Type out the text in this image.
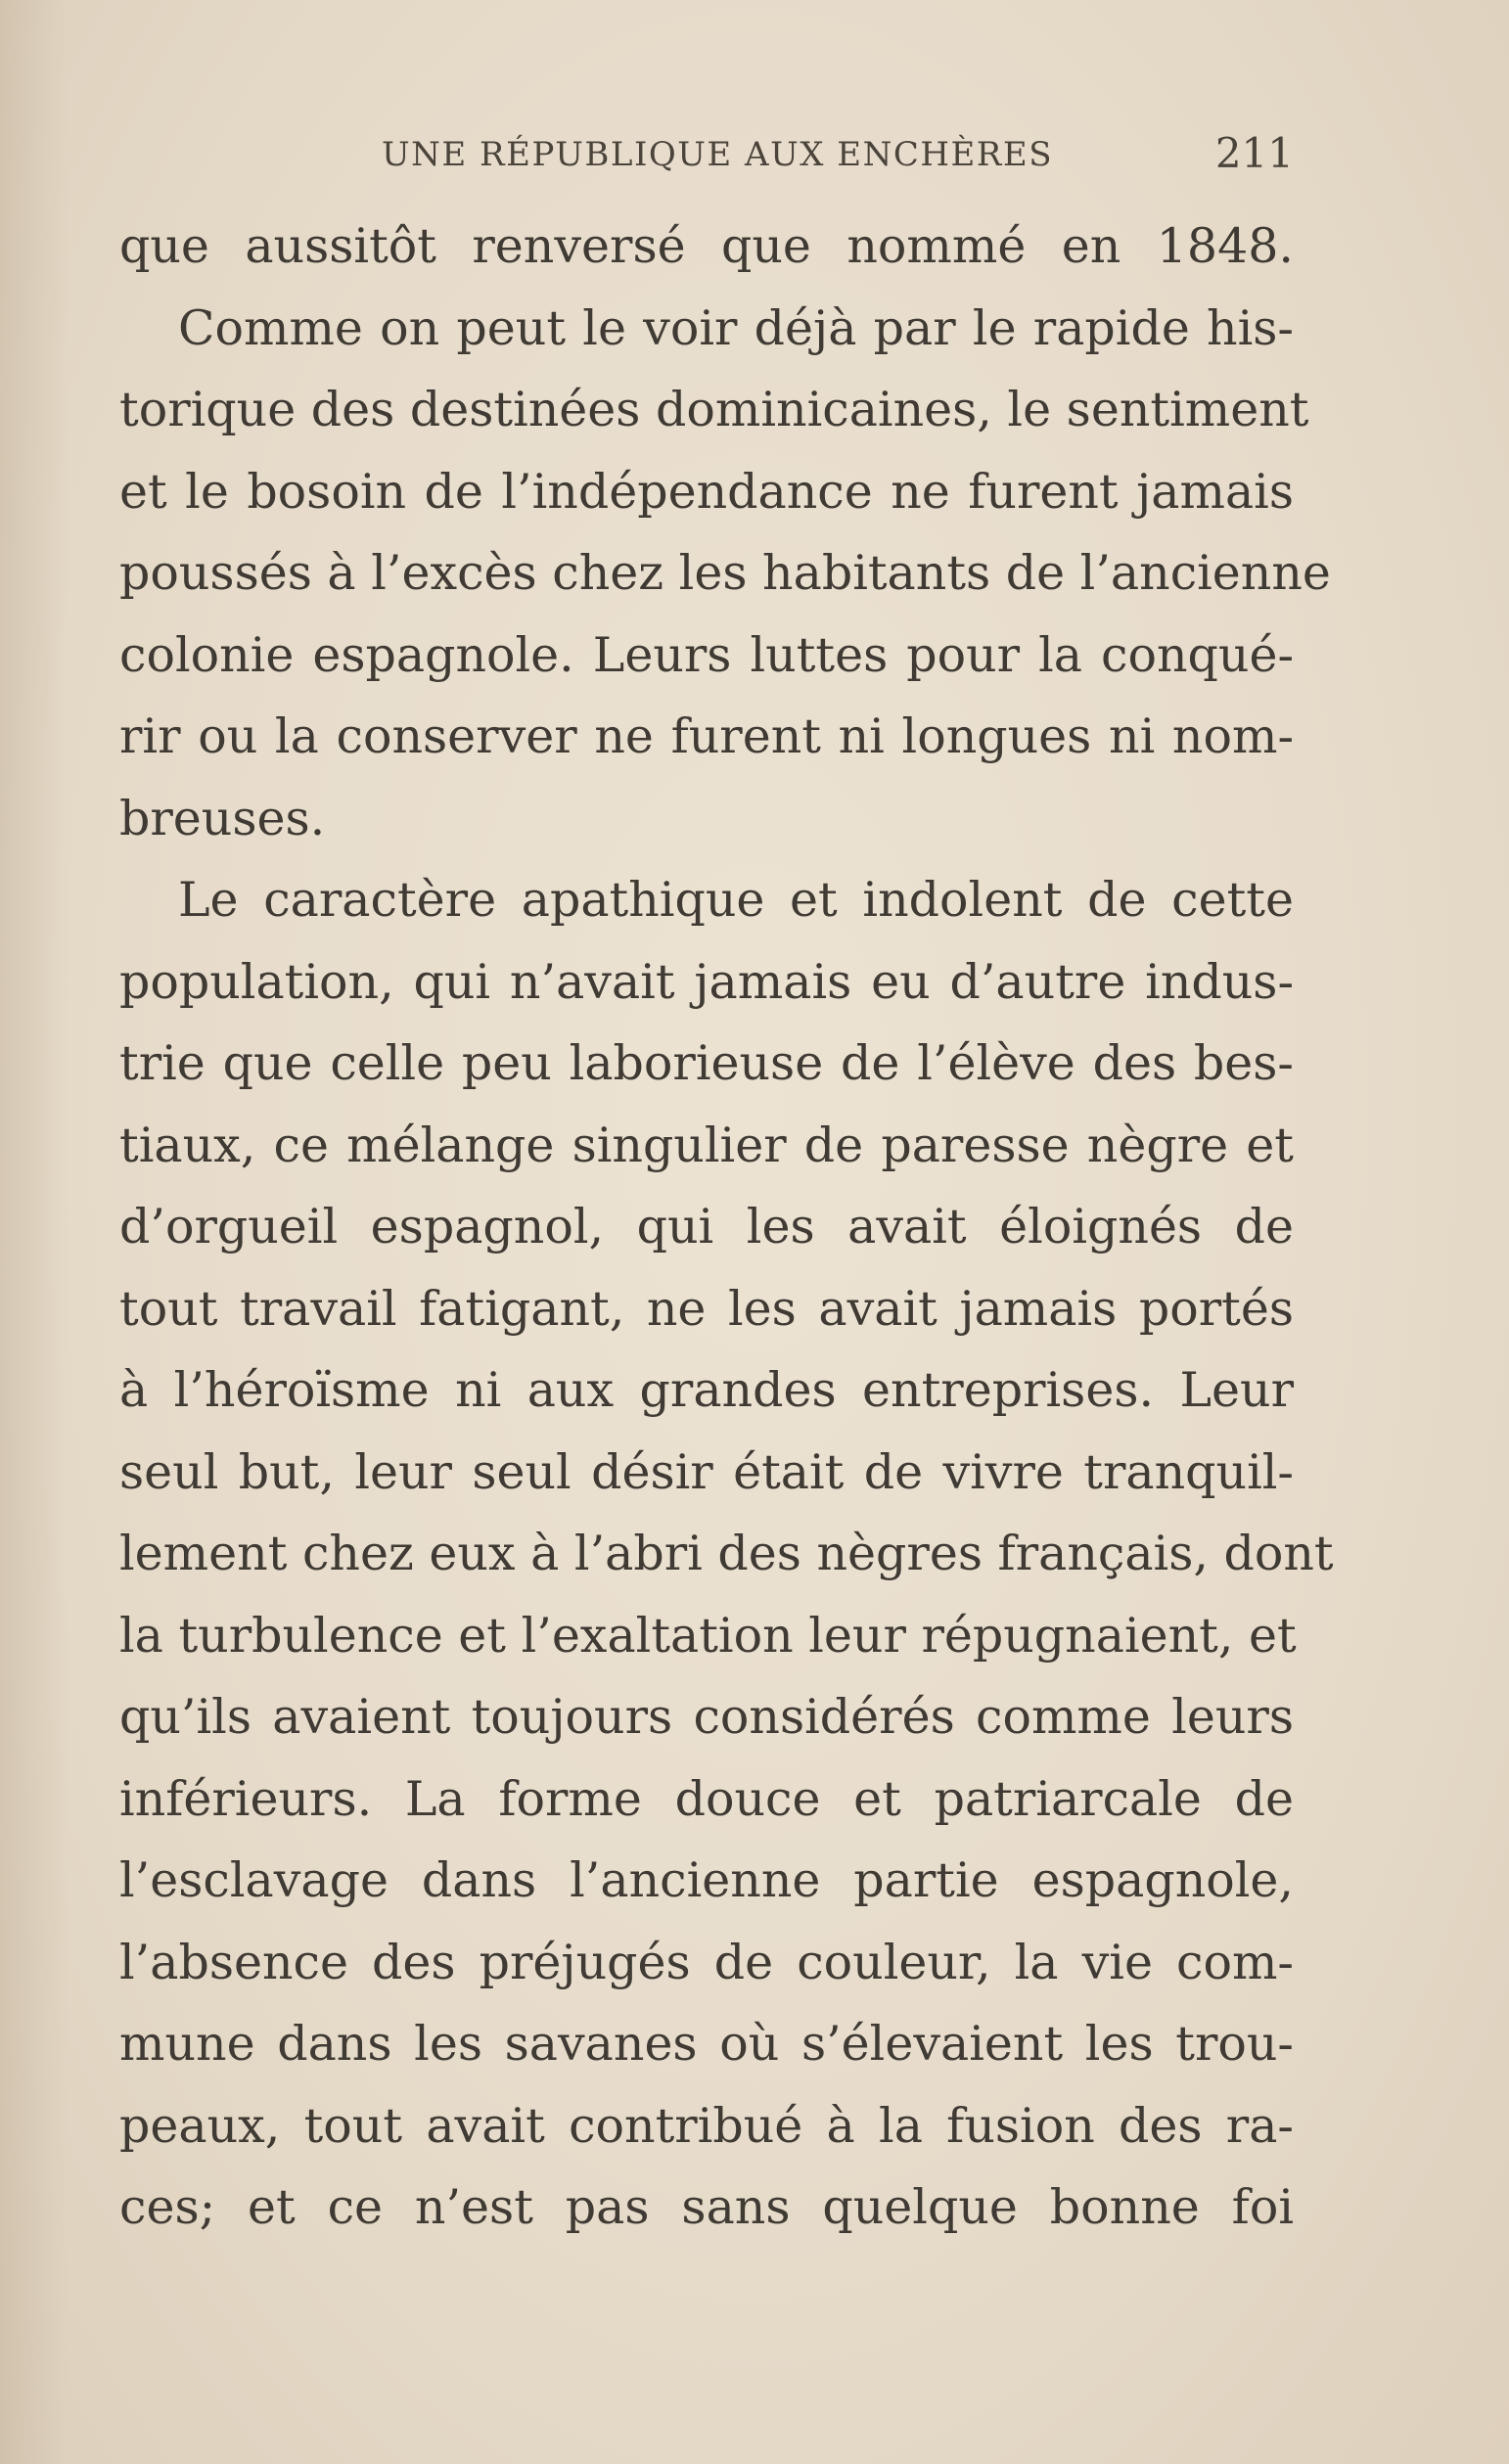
UNE RÉPUBLIQUE AUX ENCHÈRES	211
que aussitôt renversé que nommé en 1848.
Comme on peut le voir déjà par le rapide his-
torique des destinées dominicaines, le sentiment
et le bosoin de l’indépendance ne furent jamais
poussés à l’excès chez les habitants de l’ancienne
colonie espagnole. Leurs luttes pour la conqué-
rir ou la conserver ne furent ni longues ni nom-
breuses.
Le caractère apathique et indolent de cette
population, qui n’avait jamais eu d’autre indus-
trie que celle peu laborieuse de l’élève des bes-
tiaux, ce mélange singulier de paresse nègre et
d’orgueil espagnol, qui les avait éloignés de
tout travail fatigant, ne les avait jamais portés
à l’héroïsme ni aux grandes entreprises. Leur
seul but, leur seul désir était de vivre tranquil-
lement chez eux à l’abri des nègres français, dont
la turbulence et l’exaltation leur répugnaient, et
qu’ils avaient toujours considérés comme leurs
inférieurs. La forme douce et patriarcale de
l’esclavage dans l’ancienne partie espagnole,
l’absence des préjugés de couleur, la vie com-
mune dans les savanes où s’élevaient les trou-
peaux, tout avait contribué à la fusion des ra-
ces; et ce n’est pas sans quelque bonne foi
